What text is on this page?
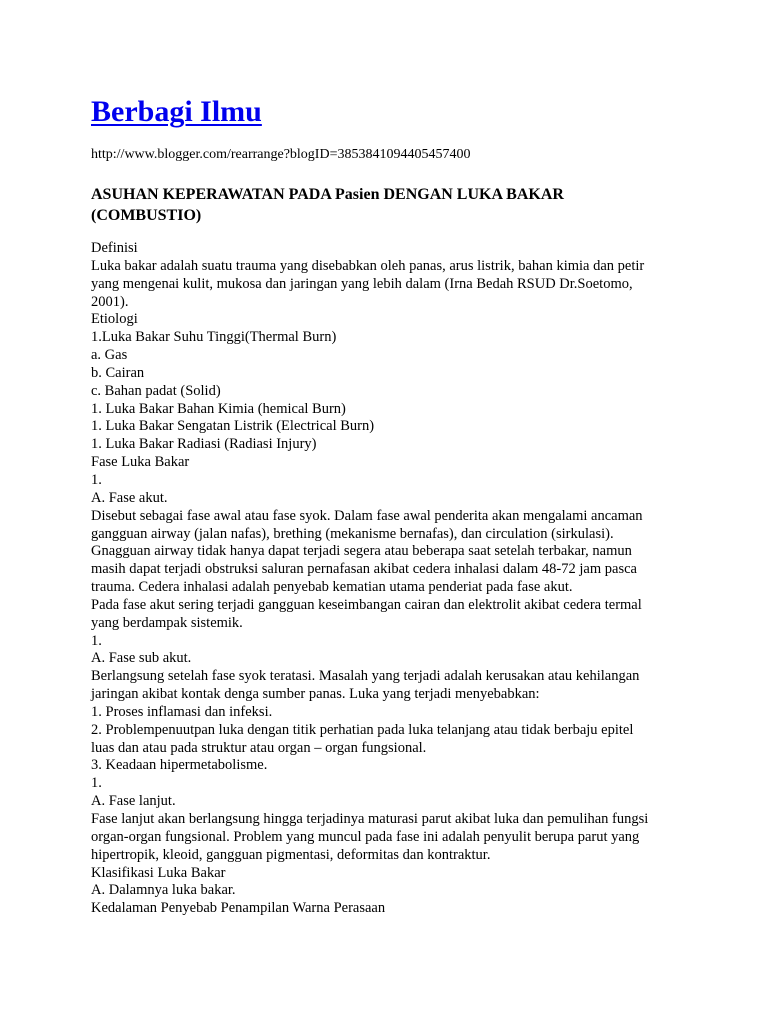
Berbagi Ilmu
http://www.blogger.com/rearrange?blogID=3853841094405457400
ASUHAN KEPERAWATAN PADA Pasien DENGAN LUKA BAKAR
(COMBUSTIO)
Definisi
Luka bakar adalah suatu trauma yang disebabkan oleh panas, arus listrik, bahan kimia dan petir
yang mengenai kulit, mukosa dan jaringan yang lebih dalam (Irna Bedah RSUD Dr.Soetomo,
2001).
Etiologi
1.Luka Bakar Suhu Tinggi(Thermal Burn)
a. Gas
b. Cairan
c. Bahan padat (Solid)
1. Luka Bakar Bahan Kimia (hemical Burn)
1. Luka Bakar Sengatan Listrik (Electrical Burn)
1. Luka Bakar Radiasi (Radiasi Injury)
Fase Luka Bakar
1.
A. Fase akut.
Disebut sebagai fase awal atau fase syok. Dalam fase awal penderita akan mengalami ancaman
gangguan airway (jalan nafas), brething (mekanisme bernafas), dan circulation (sirkulasi).
Gnagguan airway tidak hanya dapat terjadi segera atau beberapa saat setelah terbakar, namun
masih dapat terjadi obstruksi saluran pernafasan akibat cedera inhalasi dalam 48-72 jam pasca
trauma. Cedera inhalasi adalah penyebab kematian utama penderiat pada fase akut.
Pada fase akut sering terjadi gangguan keseimbangan cairan dan elektrolit akibat cedera termal
yang berdampak sistemik.
1.
A. Fase sub akut.
Berlangsung setelah fase syok teratasi. Masalah yang terjadi adalah kerusakan atau kehilangan
jaringan akibat kontak denga sumber panas. Luka yang terjadi menyebabkan:
1. Proses inflamasi dan infeksi.
2. Problempenuutpan luka dengan titik perhatian pada luka telanjang atau tidak berbaju epitel
luas dan atau pada struktur atau organ – organ fungsional.
3. Keadaan hipermetabolisme.
1.
A. Fase lanjut.
Fase lanjut akan berlangsung hingga terjadinya maturasi parut akibat luka dan pemulihan fungsi
organ-organ fungsional. Problem yang muncul pada fase ini adalah penyulit berupa parut yang
hipertropik, kleoid, gangguan pigmentasi, deformitas dan kontraktur.
Klasifikasi Luka Bakar
A. Dalamnya luka bakar.
Kedalaman Penyebab Penampilan Warna Perasaan
